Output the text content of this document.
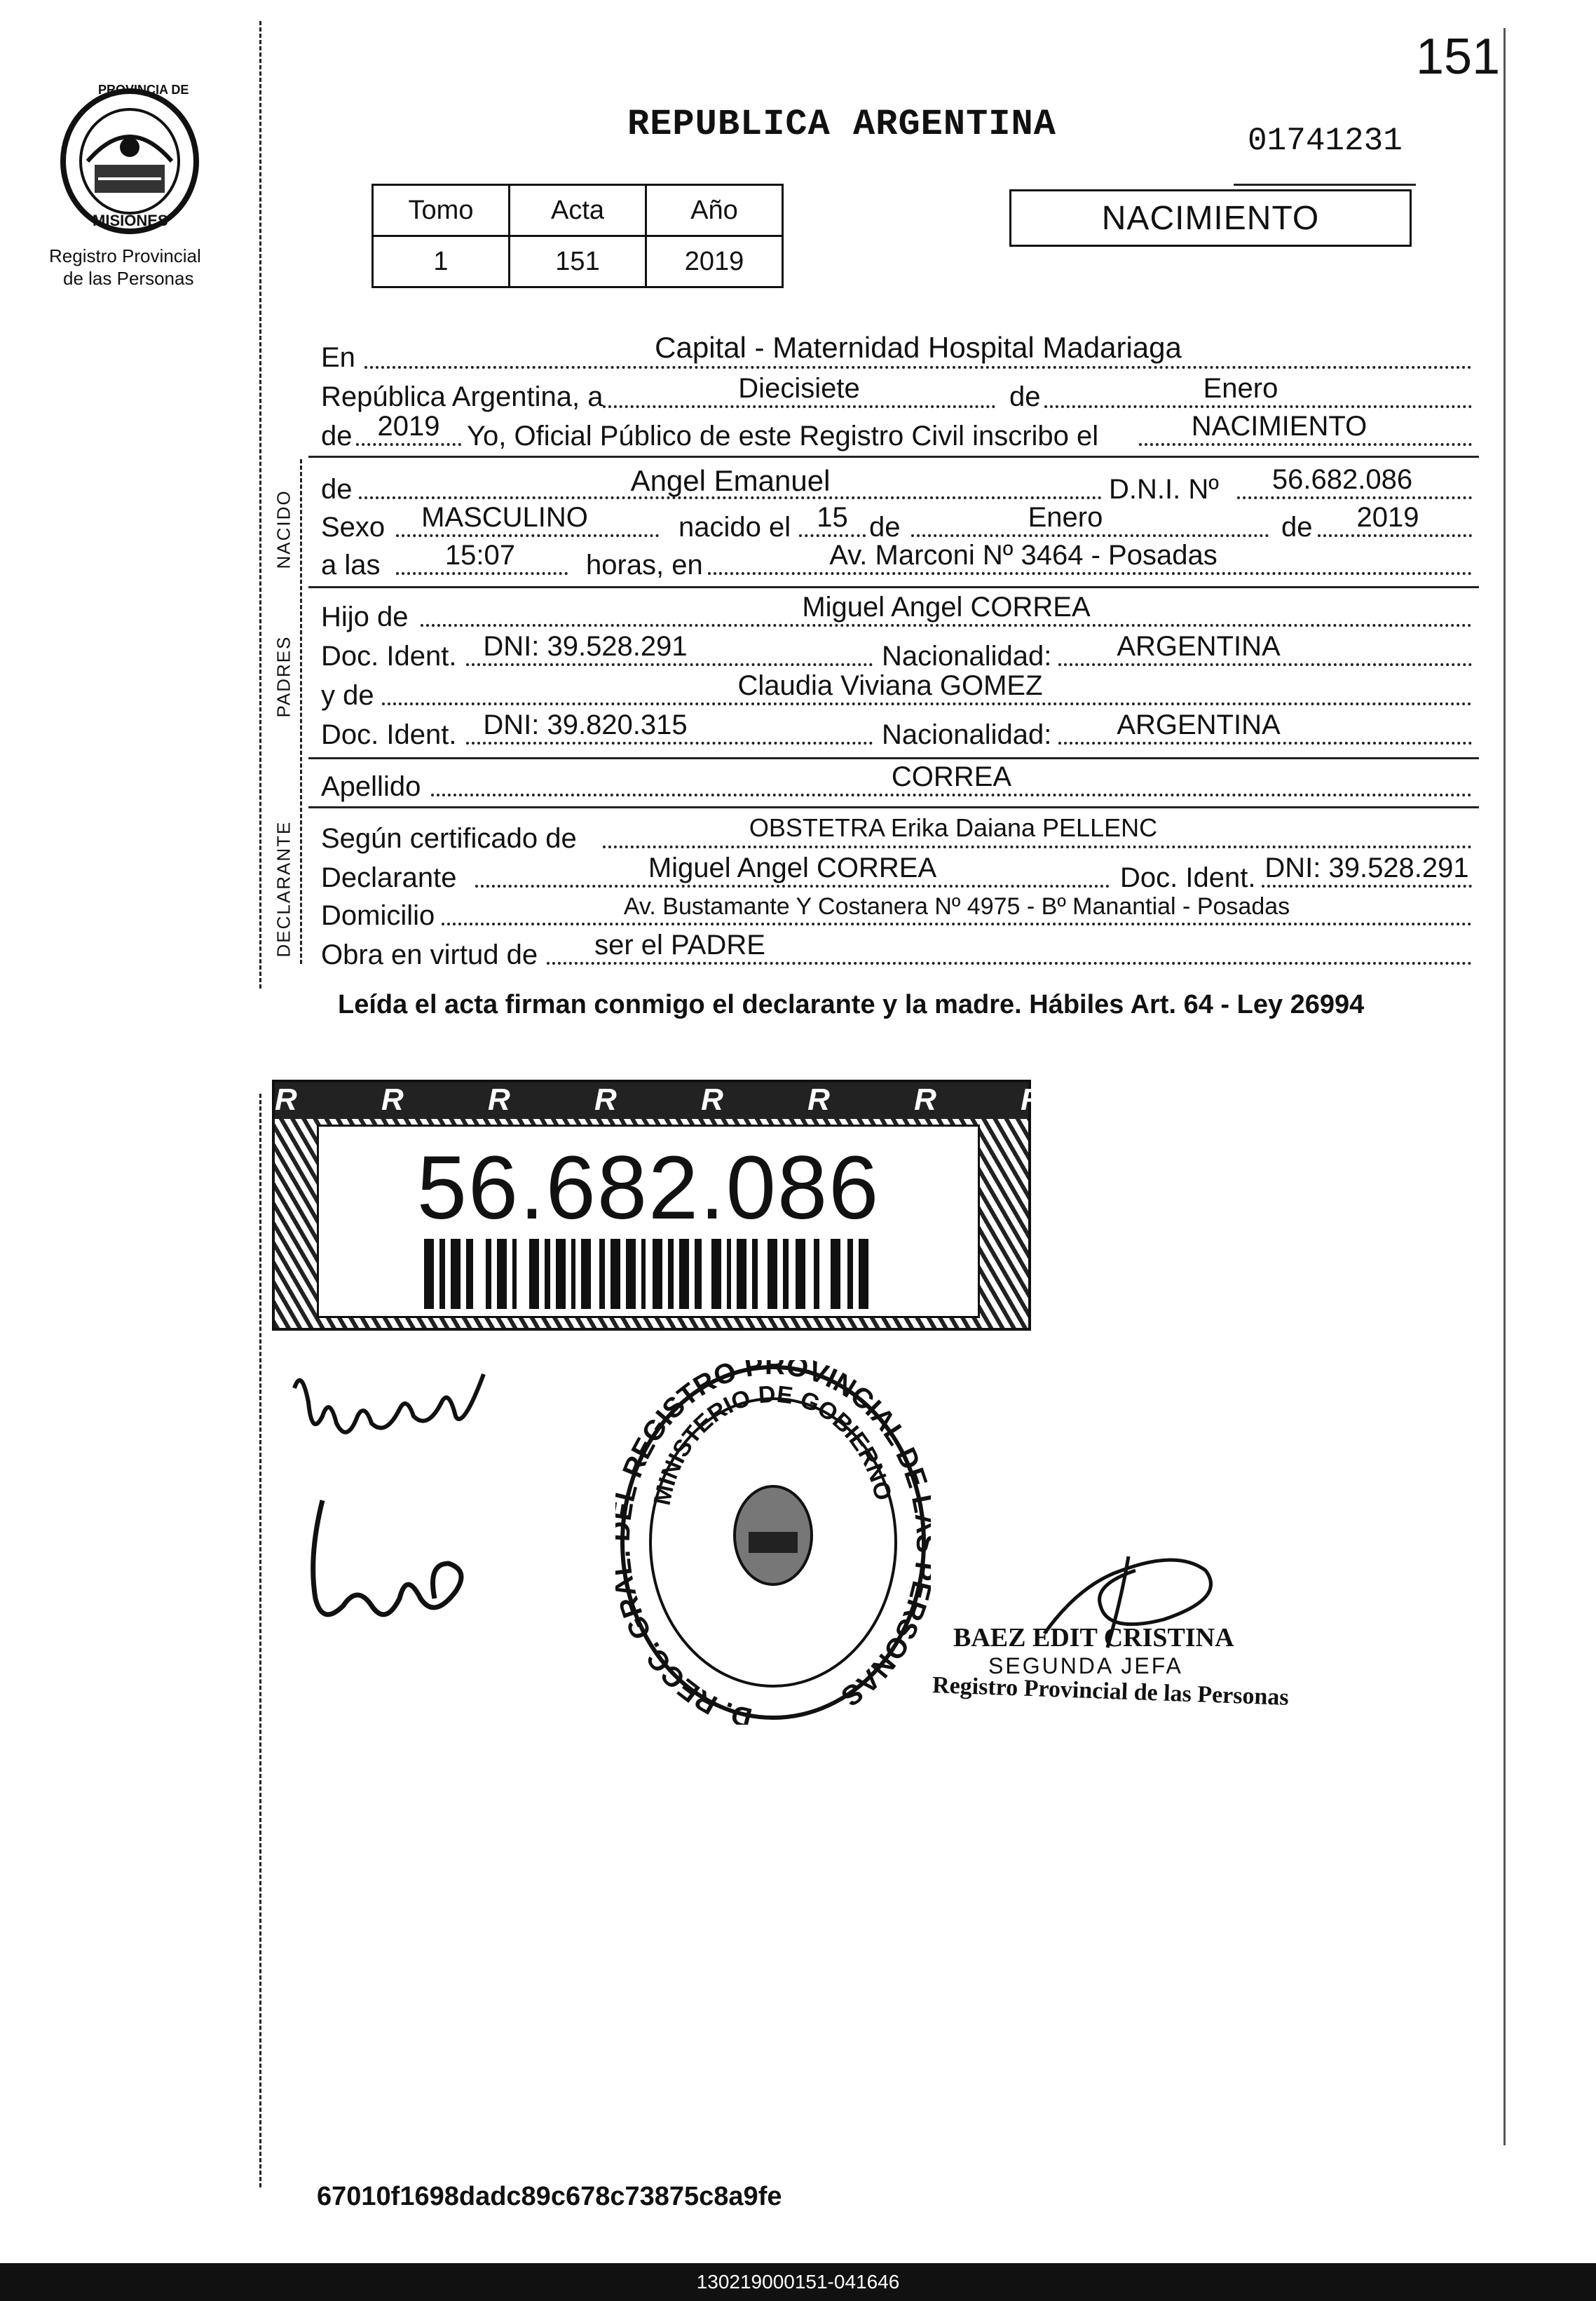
151
PROVINCIA DE
MISIONES
Registro Provincial
de las Personas
REPUBLICA ARGENTINA	01741231
Tomo	Acta	Año
1	151	2019
NACIMIENTO
NACIDO
PADRES
DECLARANTE
En	Capital - Maternidad Hospital Madariaga
República Argentina, a	Diecisiete	de	Enero
de 2019 Yo, Oficial Público de este Registro Civil inscribo el	NACIMIENTO
de	Angel Emanuel	D.N.I. Nº	56.682.086
Sexo	MASCULINO	nacido el 15 de	Enero	de	2019
a las	15:07	horas, en	Av. Marconi Nº 3464 - Posadas
Hijo de	Miguel Angel CORREA
Doc. Ident. DNI: 39.528.291	Nacionalidad:	ARGENTINA
y de	Claudia Viviana GOMEZ
Doc. Ident. DNI: 39.820.315	Nacionalidad:	ARGENTINA
Apellido	CORREA
Según certificado de	OBSTETRA Erika Daiana PELLENC
Declarante	Miguel Angel CORREA	Doc. Ident. DNI: 39.528.291
Domicilio	Av. Bustamante Y Costanera Nº 4975 - Bº Manantial - Posadas
Obra en virtud de	ser el PADRE
Leída el acta firman conmigo el declarante y la madre. Hábiles Art. 64 - Ley 26994
R R R R R R R R
56.682.086
Miguel
D. RECC. GR REGISTRO PROVINCIAL DE RSONAS
MINISTERIO DE GOBIERNO
BAEZ EDIT CRISTINA
SEGUNDA JEFA
Registro Provincial de las Personas
67010f1698dadc89c678c73875c8a9fe
130219000151-041646
